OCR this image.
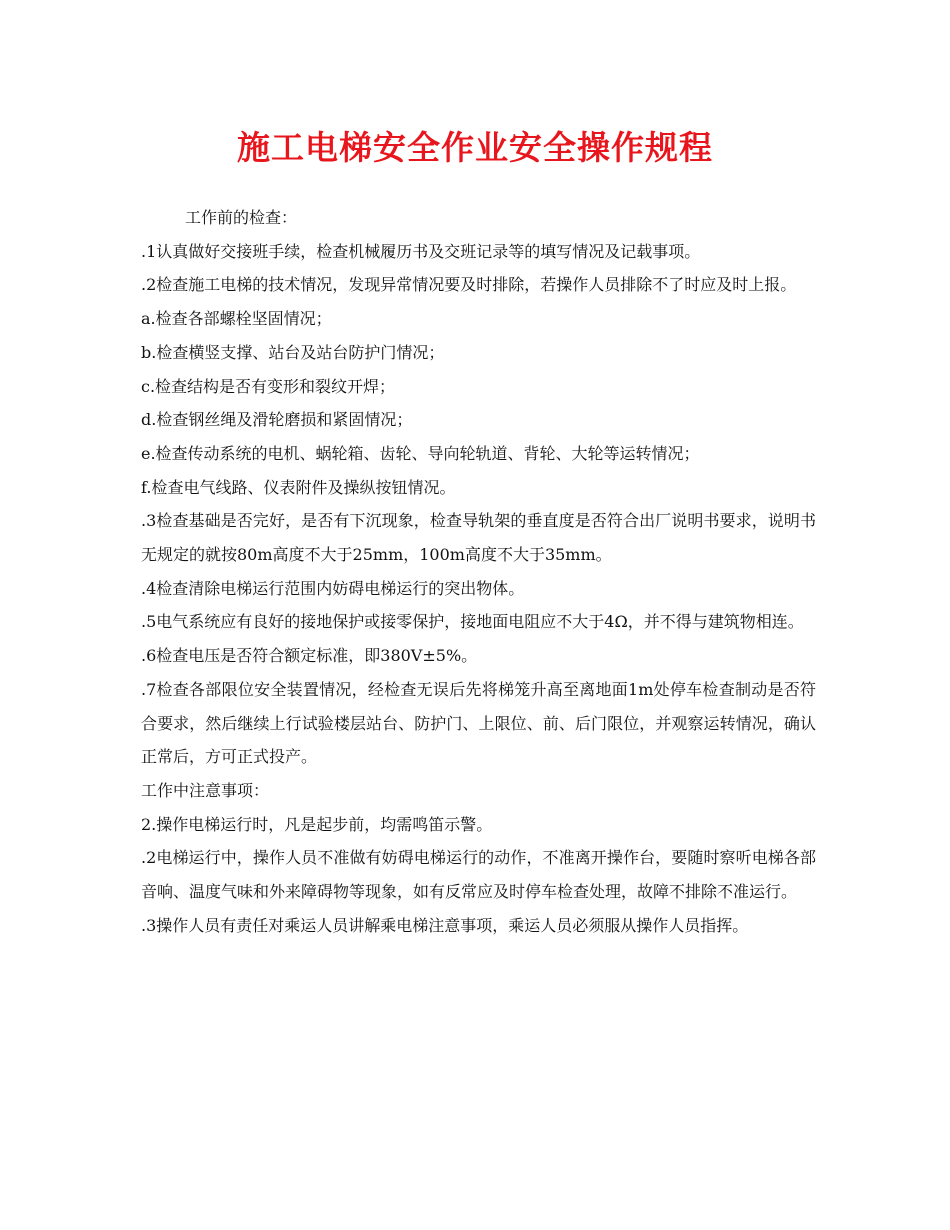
施工电梯安全作业安全操作规程

工作前的检查：

.1认真做好交接班手续，检查机械履历书及交班记录等的填写情况及记载事项。

.2检查施工电梯的技术情况，发现异常情况要及时排除，若操作人员排除不了时应及时上报。

a.检查各部螺栓坚固情况；

b.检查横竖支撑、站台及站台防护门情况；

c.检查结构是否有变形和裂纹开焊；

d.检查钢丝绳及滑轮磨损和紧固情况；

e.检查传动系统的电机、蜗轮箱、齿轮、导向轮轨道、背轮、大轮等运转情况；

f.检查电气线路、仪表附件及操纵按钮情况。

.3检查基础是否完好，是否有下沉现象，检查导轨架的垂直度是否符合出厂说明书要求，说明书无规定的就按80m高度不大于25mm，100m高度不大于35mm。

.4检查清除电梯运行范围内妨碍电梯运行的突出物体。

.5电气系统应有良好的接地保护或接零保护，接地面电阻应不大于4Ω，并不得与建筑物相连。

.6检查电压是否符合额定标准，即380V±5%。

.7检查各部限位安全装置情况，经检查无误后先将梯笼升高至离地面1m处停车检查制动是否符合要求，然后继续上行试验楼层站台、防护门、上限位、前、后门限位，并观察运转情况，确认正常后，方可正式投产。

工作中注意事项：

2.操作电梯运行时，凡是起步前，均需鸣笛示警。

.2电梯运行中，操作人员不准做有妨碍电梯运行的动作，不准离开操作台，要随时察听电梯各部音响、温度气味和外来障碍物等现象，如有反常应及时停车检查处理，故障不排除不准运行。

.3操作人员有责任对乘运人员讲解乘电梯注意事项，乘运人员必须服从操作人员指挥。
